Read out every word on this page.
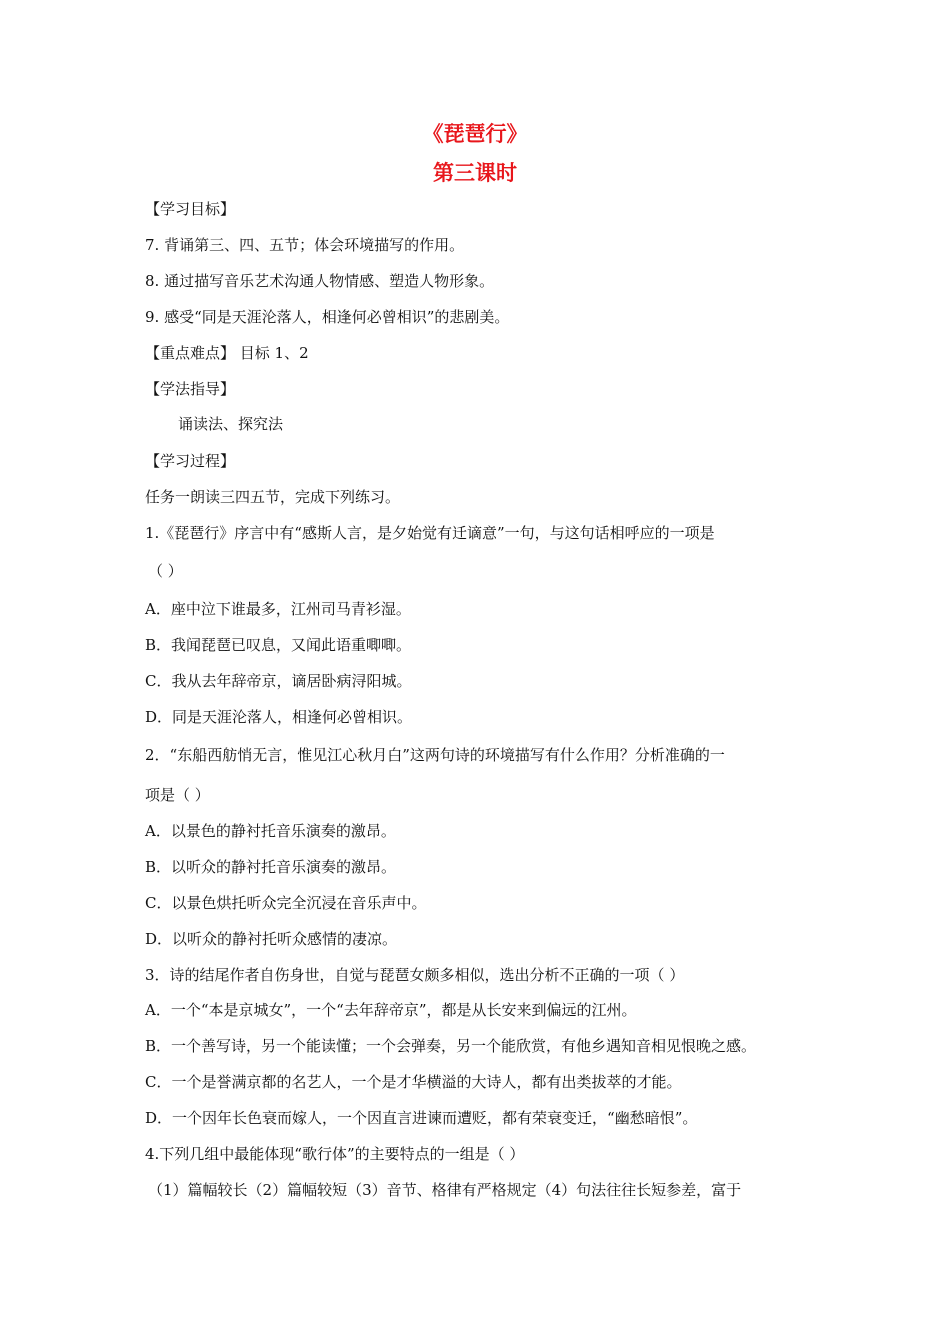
《琵琶行》
第三课时
【学习目标】
7. 背诵第三、四、五节；体会环境描写的作用。
8. 通过描写音乐艺术沟通人物情感、塑造人物形象。
9. 感受“同是天涯沦落人，相逢何必曾相识”的悲剧美。
【重点难点】 目标 1、2
【学法指导】
诵读法、探究法
【学习过程】
任务一朗读三四五节，完成下列练习。
1.《琵琶行》序言中有“感斯人言，是夕始觉有迁谪意”一句，与这句话相呼应的一项是
（ ）
A．座中泣下谁最多，江州司马青衫湿。
B．我闻琵琶已叹息，又闻此语重唧唧。
C．我从去年辞帝京，谪居卧病浔阳城。
D．同是天涯沦落人，相逢何必曾相识。
2．“东船西舫悄无言，惟见江心秋月白”这两句诗的环境描写有什么作用？分析准确的一
项是（ ）
A．以景色的静衬托音乐演奏的激昂。
B．以听众的静衬托音乐演奏的激昂。
C．以景色烘托听众完全沉浸在音乐声中。
D．以听众的静衬托听众感情的凄凉。
3．诗的结尾作者自伤身世，自觉与琵琶女颇多相似，选出分析不正确的一项（ ）
A．一个“本是京城女”，一个“去年辞帝京”，都是从长安来到偏远的江州。
B．一个善写诗，另一个能读懂；一个会弹奏，另一个能欣赏，有他乡遇知音相见恨晚之感。
C．一个是誉满京都的名艺人，一个是才华横溢的大诗人，都有出类拔萃的才能。
D．一个因年长色衰而嫁人，一个因直言进谏而遭贬，都有荣衰变迁，“幽愁暗恨”。
4.下列几组中最能体现“歌行体”的主要特点的一组是（ ）
（1）篇幅较长（2）篇幅较短（3）音节、格律有严格规定（4）句法往往长短参差，富于
